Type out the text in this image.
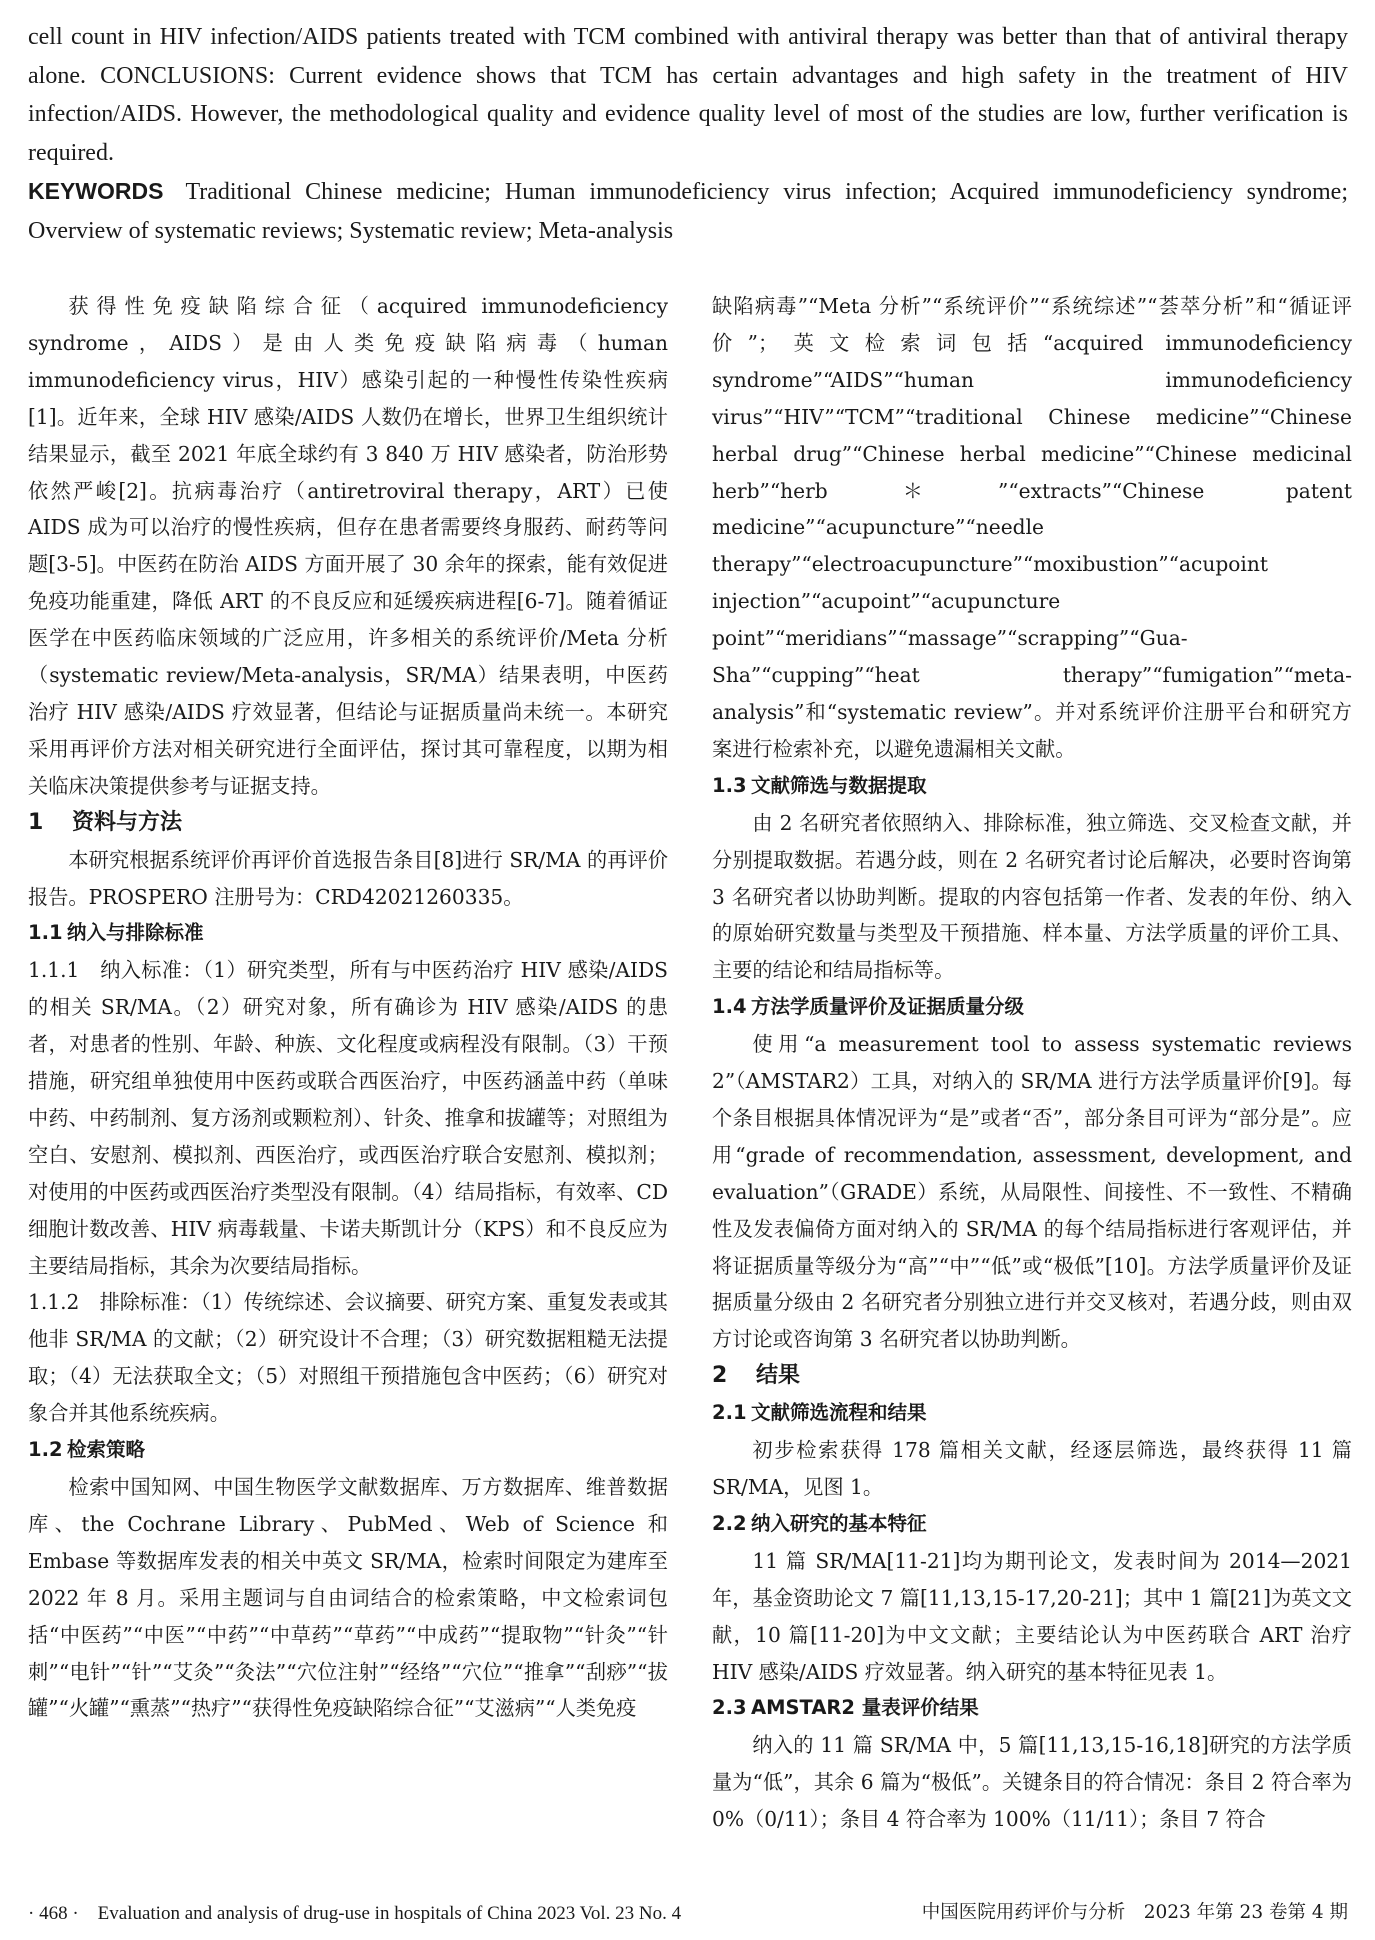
cell count in HIV infection/AIDS patients treated with TCM combined with antiviral therapy was better than that of antiviral therapy alone. CONCLUSIONS: Current evidence shows that TCM has certain advantages and high safety in the treatment of HIV infection/AIDS. However, the methodological quality and evidence quality level of most of the studies are low, further verification is required.

KEYWORDS Traditional Chinese medicine; Human immunodeficiency virus infection; Acquired immunodeficiency syndrome; Overview of systematic reviews; Systematic review; Meta-analysis

获得性免疫缺陷综合征（acquired immunodeficiency syndrome，AIDS）是由人类免疫缺陷病毒（human immunodeficiency virus，HIV）感染引起的一种慢性传染性疾病[1]。近年来，全球 HIV 感染/AIDS 人数仍在增长，世界卫生组织统计结果显示，截至 2021 年底全球约有 3 840 万 HIV 感染者，防治形势依然严峻[2]。抗病毒治疗（antiretroviral therapy，ART）已使 AIDS 成为可以治疗的慢性疾病，但存在患者需要终身服药、耐药等问题[3-5]。中医药在防治 AIDS 方面开展了 30 余年的探索，能有效促进免疫功能重建，降低 ART 的不良反应和延缓疾病进程[6-7]。随着循证医学在中医药临床领域的广泛应用，许多相关的系统评价/Meta 分析（systematic review/Meta-analysis，SR/MA）结果表明，中医药治疗 HIV 感染/AIDS 疗效显著，但结论与证据质量尚未统一。本研究采用再评价方法对相关研究进行全面评估，探讨其可靠程度，以期为相关临床决策提供参考与证据支持。

1 资料与方法

本研究根据系统评价再评价首选报告条目[8]进行 SR/MA 的再评价报告。PROSPERO 注册号为：CRD42021260335。

1.1 纳入与排除标准

1.1.1　纳入标准：（1）研究类型，所有与中医药治疗 HIV 感染/AIDS 的相关 SR/MA。（2）研究对象，所有确诊为 HIV 感染/AIDS 的患者，对患者的性别、年龄、种族、文化程度或病程没有限制。（3）干预措施，研究组单独使用中医药或联合西医治疗，中医药涵盖中药（单味中药、中药制剂、复方汤剂或颗粒剂）、针灸、推拿和拔罐等；对照组为空白、安慰剂、模拟剂、西医治疗，或西医治疗联合安慰剂、模拟剂；对使用的中医药或西医治疗类型没有限制。（4）结局指标，有效率、CD 细胞计数改善、HIV 病毒载量、卡诺夫斯凯计分（KPS）和不良反应为主要结局指标，其余为次要结局指标。

1.1.2　排除标准：（1）传统综述、会议摘要、研究方案、重复发表或其他非 SR/MA 的文献；（2）研究设计不合理；（3）研究数据粗糙无法提取；（4）无法获取全文；（5）对照组干预措施包含中医药；（6）研究对象合并其他系统疾病。

1.2 检索策略

检索中国知网、中国生物医学文献数据库、万方数据库、维普数据库、the Cochrane Library、PubMed、Web of Science 和 Embase 等数据库发表的相关中英文 SR/MA，检索时间限定为建库至 2022 年 8 月。采用主题词与自由词结合的检索策略，中文检索词包括“中医药”“中医”“中药”“中草药”“草药”“中成药”“提取物”“针灸”“针刺”“电针”“针”“艾灸”“灸法”“穴位注射”“经络”“穴位”“推拿”“刮痧”“拔罐”“火罐”“熏蒸”“热疗”“获得性免疫缺陷综合征”“艾滋病”“人类免疫

缺陷病毒”“Meta 分析”“系统评价”“系统综述”“荟萃分析”和“循证评价”；英文检索词包括“acquired immunodeficiency syndrome”“AIDS”“human immunodeficiency virus”“HIV”“TCM”“traditional Chinese medicine”“Chinese herbal drug”“Chinese herbal medicine”“Chinese medicinal herb”“herb＊”“extracts”“Chinese patent medicine”“acupuncture”“needle therapy”“electroacupuncture”“moxibustion”“acupoint injection”“acupoint”“acupuncture point”“meridians”“massage”“scrapping”“Gua-Sha”“cupping”“heat therapy”“fumigation”“meta-analysis”和“systematic review”。并对系统评价注册平台和研究方案进行检索补充，以避免遗漏相关文献。

1.3 文献筛选与数据提取

由 2 名研究者依照纳入、排除标准，独立筛选、交叉检查文献，并分别提取数据。若遇分歧，则在 2 名研究者讨论后解决，必要时咨询第 3 名研究者以协助判断。提取的内容包括第一作者、发表的年份、纳入的原始研究数量与类型及干预措施、样本量、方法学质量的评价工具、主要的结论和结局指标等。

1.4 方法学质量评价及证据质量分级

使用“a measurement tool to assess systematic reviews 2”（AMSTAR2）工具，对纳入的 SR/MA 进行方法学质量评价[9]。每个条目根据具体情况评为“是”或者“否”，部分条目可评为“部分是”。应用“grade of recommendation, assessment, development, and evaluation”（GRADE）系统，从局限性、间接性、不一致性、不精确性及发表偏倚方面对纳入的 SR/MA 的每个结局指标进行客观评估，并将证据质量等级分为“高”“中”“低”或“极低”[10]。方法学质量评价及证据质量分级由 2 名研究者分别独立进行并交叉核对，若遇分歧，则由双方讨论或咨询第 3 名研究者以协助判断。

2 结果
2.1 文献筛选流程和结果

初步检索获得 178 篇相关文献，经逐层筛选，最终获得 11 篇 SR/MA，见图 1。

2.2 纳入研究的基本特征

11 篇 SR/MA[11-21]均为期刊论文，发表时间为 2014—2021 年，基金资助论文 7 篇[11,13,15-17,20-21]；其中 1 篇[21]为英文文献，10 篇[11-20]为中文文献；主要结论认为中医药联合 ART 治疗 HIV 感染/AIDS 疗效显著。纳入研究的基本特征见表 1。

2.3 AMSTAR2 量表评价结果

纳入的 11 篇 SR/MA 中，5 篇[11,13,15-16,18]研究的方法学质量为“低”，其余 6 篇为“极低”。关键条目的符合情况：条目 2 符合率为 0%（0/11）；条目 4 符合率为 100%（11/11）；条目 7 符合

· 468 ·　Evaluation and analysis of drug-use in hospitals of China 2023 Vol. 23 No. 4	中国医院用药评价与分析　2023 年第 23 卷第 4 期
